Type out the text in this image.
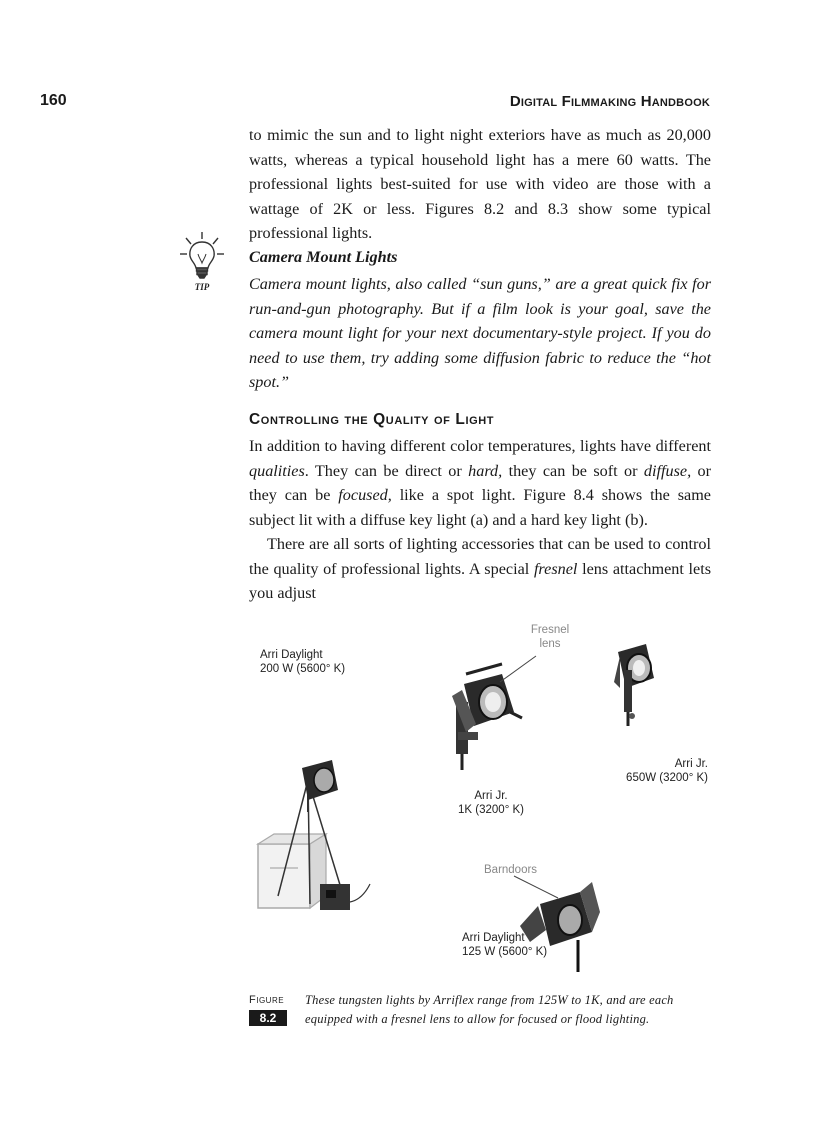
160	Digital Filmmaking Handbook

to mimic the sun and to light night exteriors have as much as 20,000 watts, whereas a typical household light has a mere 60 watts. The professional lights best-suited for use with video are those with a wattage of 2K or less. Figures 8.2 and 8.3 show some typical professional lights.

TIP
Camera Mount Lights
Camera mount lights, also called “sun guns,” are a great quick fix for run-and-gun photography. But if a film look is your goal, save the camera mount light for your next documentary-style project. If you do need to use them, try adding some diffusion fabric to reduce the “hot spot.”
Controlling the Quality of Light

In addition to having different color temperatures, lights have different qualities. They can be direct or hard, they can be soft or diffuse, or they can be focused, like a spot light. Figure 8.4 shows the same subject lit with a diffuse key light (a) and a hard key light (b).

There are all sorts of lighting accessories that can be used to control the quality of professional lights. A special fresnel lens attachment lets you adjust

Arri Daylight
200 W (5600° K)
Fresnel
lens
Arri Jr.
650W (3200° K)
Arri Jr.
1K (3200° K)
Barndoors
Arri Daylight
125 W (5600° K)
Figure
8.2
These tungsten lights by Arriflex range from 125W to 1K, and are each equipped with a fresnel lens to allow for focused or flood lighting.
